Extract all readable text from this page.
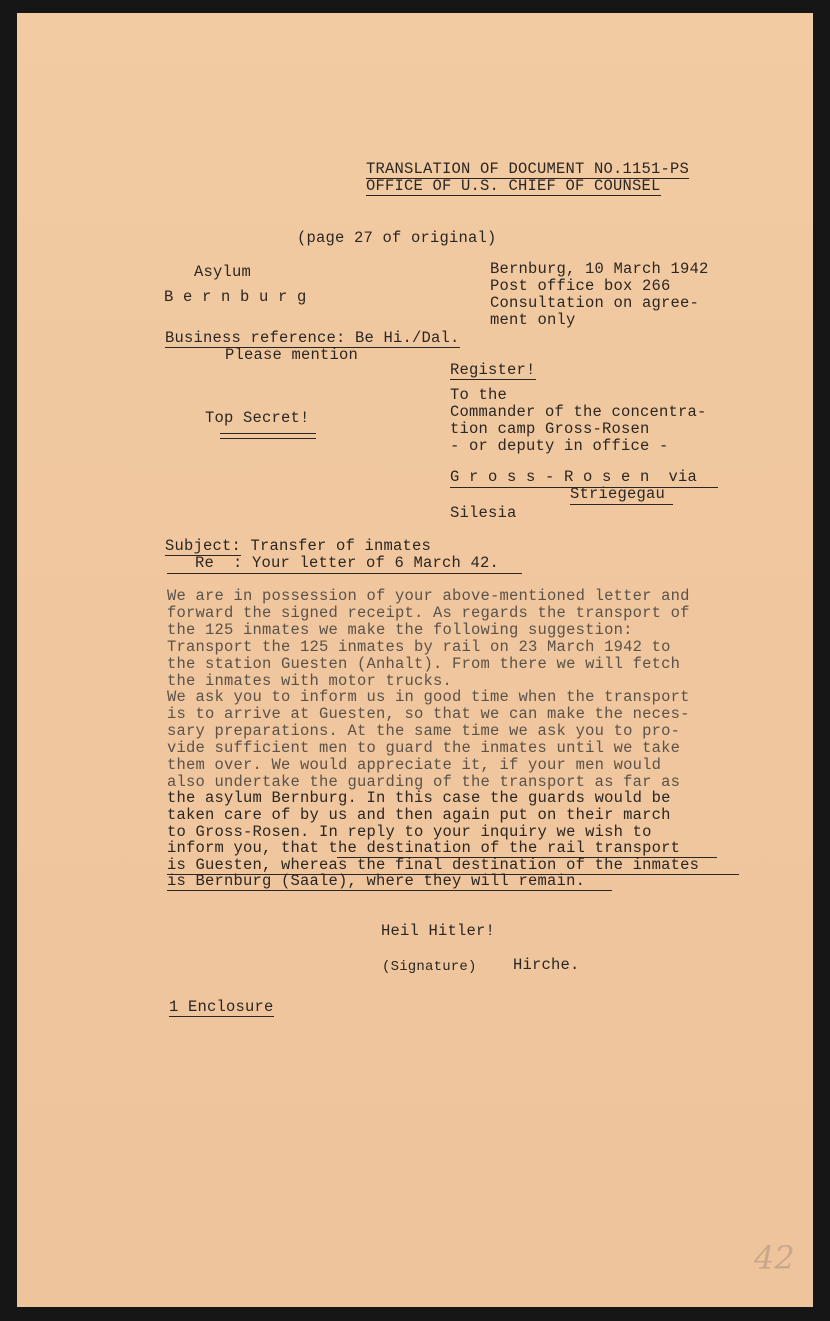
TRANSLATION OF DOCUMENT NO.1151-PS
OFFICE OF U.S. CHIEF OF COUNSEL
(page 27 of original)
Asylum
B e r n b u r g
Bernburg, 10 March 1942
Post office box 266
Consultation on agree-
ment only
Business reference: Be Hi./Dal.
Please mention
Register!
Top Secret!
To the
Commander of the concentra-
tion camp Gross-Rosen
- or deputy in office -
G r o s s - R o s e n  via
Striegegau
Silesia
Subject: Transfer of inmates
Re  : Your letter of 6 March 42.
We are in possession of your above-mentioned letter and
forward the signed receipt. As regards the transport of
the 125 inmates we make the following suggestion:
Transport the 125 inmates by rail on 23 March 1942 to
the station Guesten (Anhalt). From there we will fetch
the inmates with motor trucks.
We ask you to inform us in good time when the transport
is to arrive at Guesten, so that we can make the neces-
sary preparations. At the same time we ask you to pro-
vide sufficient men to guard the inmates until we take
them over. We would appreciate it, if your men would
also undertake the guarding of the transport as far as
the asylum Bernburg. In this case the guards would be
taken care of by us and then again put on their march
to Gross-Rosen. In reply to your inquiry we wish to
inform you, that the destination of the rail transport
is Guesten, whereas the final destination of the inmates
is Bernburg (Saale), where they will remain.
Heil Hitler!
(Signature) Hirche.
1 Enclosure
42
